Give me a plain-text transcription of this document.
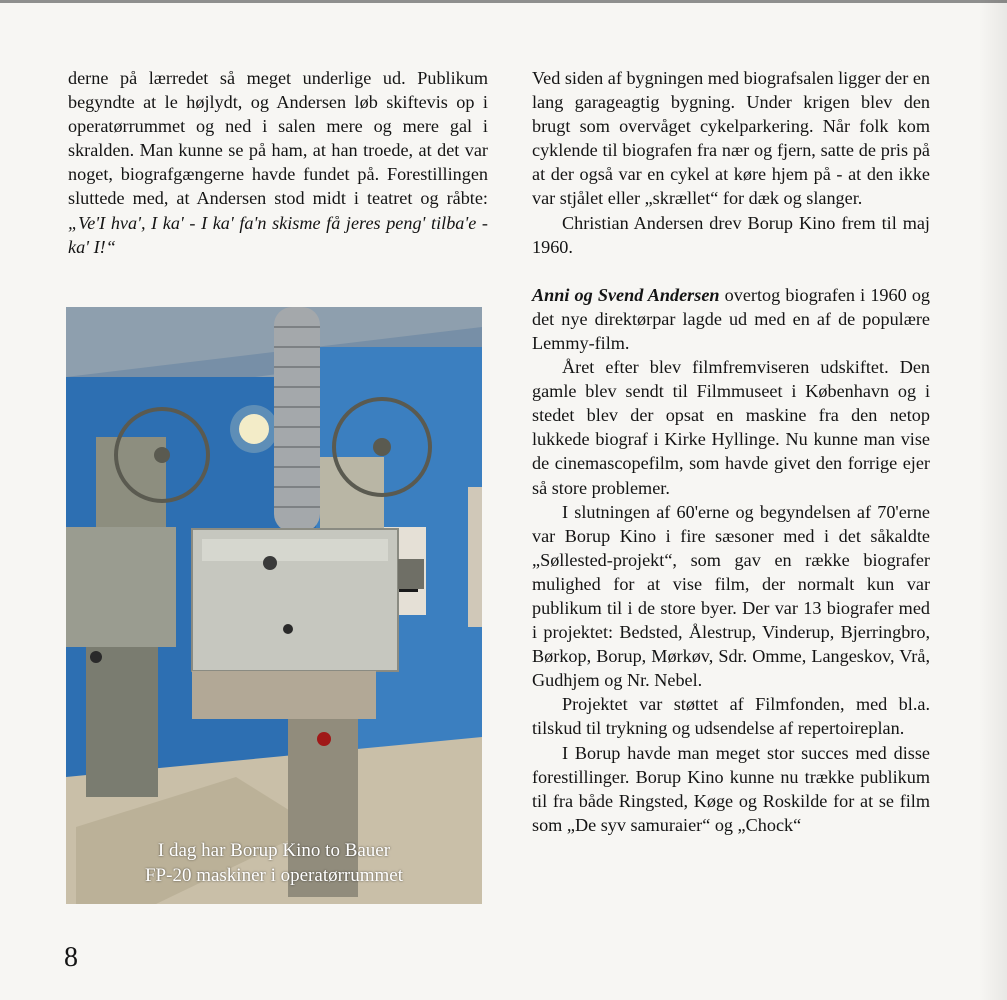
derne på lærredet så meget underlige ud. Publikum begyndte at le højlydt, og Andersen løb skiftevis op i operatørrummet og ned i salen mere og mere gal i skralden. Man kunne se på ham, at han troede, at det var noget, biografgængerne havde fundet på. Forestillingen sluttede med, at Andersen stod midt i teatret og råbte: „Ve'I hva', I ka' - I ka' fa'n skisme få jeres peng' tilba'e - ka' I!“

I dag har Borup Kino to Bauer
FP-20 maskiner i operatørrummet

Ved siden af bygningen med biografsalen ligger der en lang garageagtig bygning. Under krigen blev den brugt som overvåget cykelparkering. Når folk kom cyklende til biografen fra nær og fjern, satte de pris på at der også var en cykel at køre hjem på - at den ikke var stjålet eller „skrællet“ for dæk og slanger.

Christian Andersen drev Borup Kino frem til maj 1960.

Anni og Svend Andersen overtog biografen i 1960 og det nye direktørpar lagde ud med en af de populære Lemmy-film.

Året efter blev filmfremviseren udskiftet. Den gamle blev sendt til Filmmuseet i København og i stedet blev der opsat en maskine fra den netop lukkede biograf i Kirke Hyllinge. Nu kunne man vise de cinemascopefilm, som havde givet den forrige ejer så store problemer.

I slutningen af 60'erne og begyndelsen af 70'erne var Borup Kino i fire sæsoner med i det såkaldte „Søllested-projekt“, som gav en række biografer mulighed for at vise film, der normalt kun var publikum til i de store byer. Der var 13 biografer med i projektet: Bedsted, Ålestrup, Vinderup, Bjerringbro, Børkop, Borup, Mørkøv, Sdr. Omme, Langeskov, Vrå, Gudhjem og Nr. Nebel.

Projektet var støttet af Filmfonden, med bl.a. tilskud til trykning og udsendelse af repertoireplan.

I Borup havde man meget stor succes med disse forestillinger. Borup Kino kunne nu trække publikum til fra både Ringsted, Køge og Roskilde for at se film som „De syv samuraier“ og „Chock“

8
